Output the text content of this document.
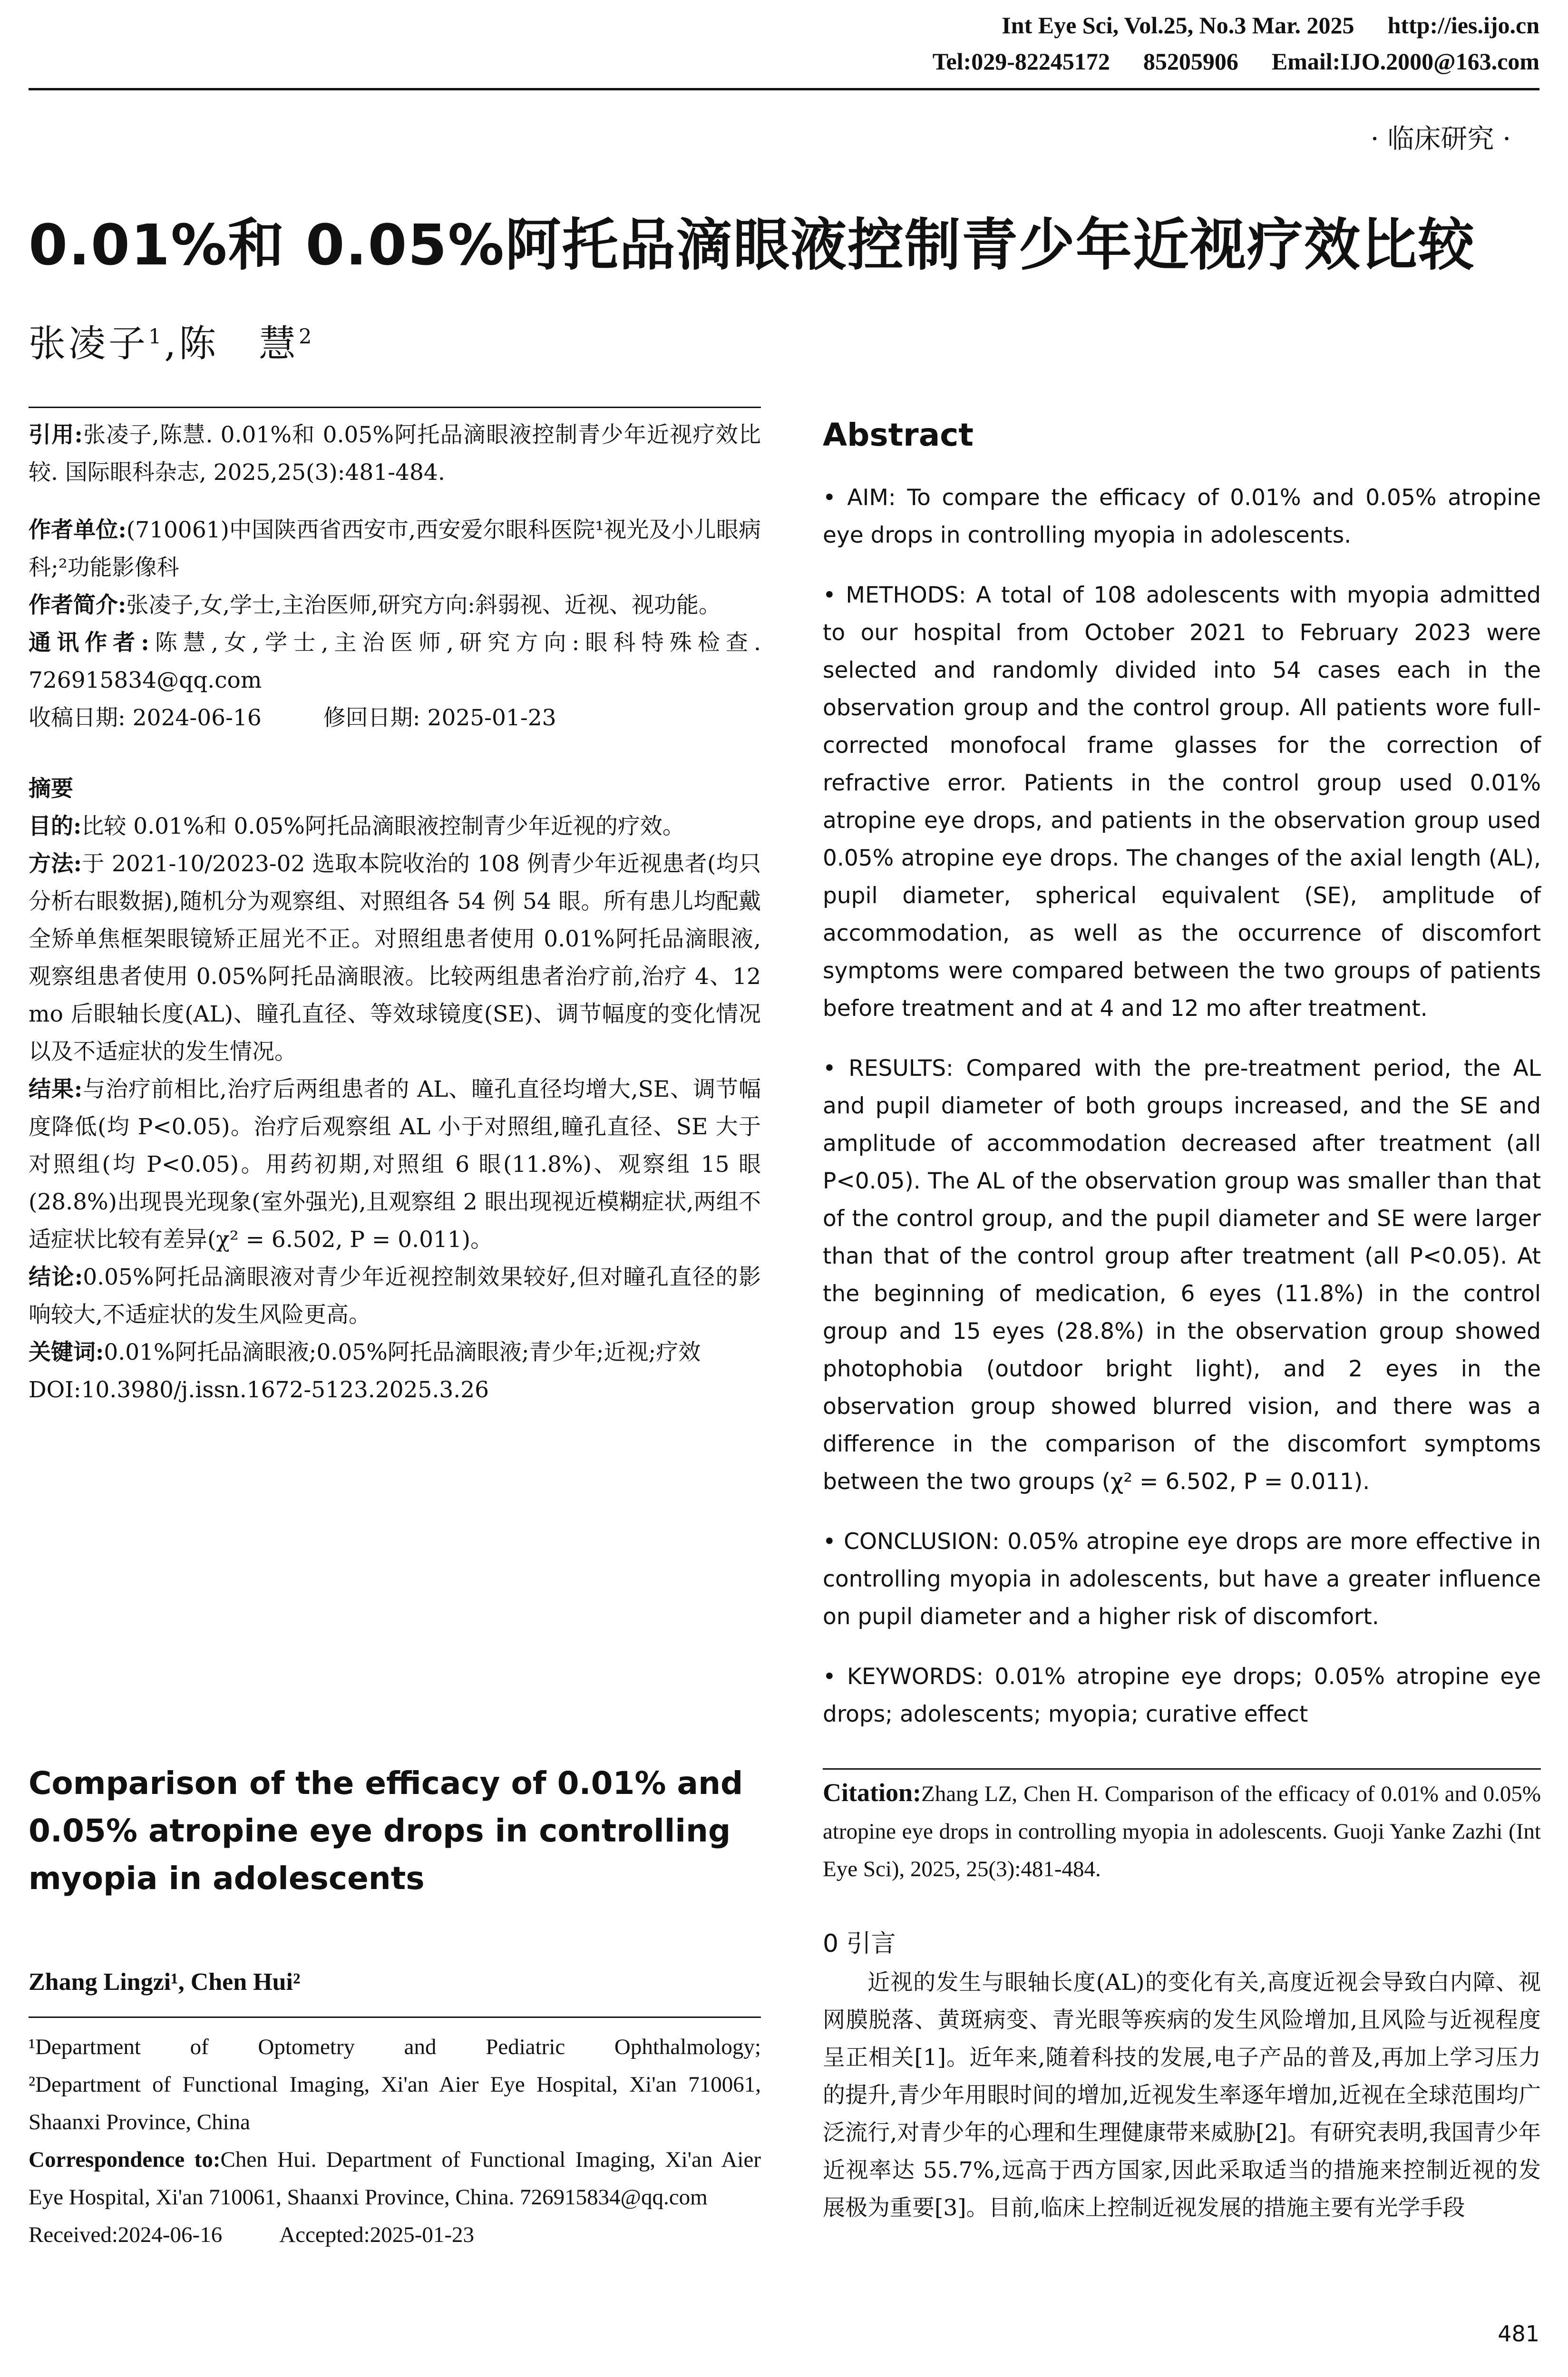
Int Eye Sci, Vol.25, No.3 Mar. 2025 http://ies.ijo.cn
Tel:029-82245172 85205906 Email:IJO.2000@163.com
· 临床研究 ·
0.01%和 0.05%阿托品滴眼液控制青少年近视疗效比较
张凌子$^1$,陈　慧$^2$

引用:张凌子,陈慧. 0.01%和 0.05%阿托品滴眼液控制青少年近视疗效比较. 国际眼科杂志, 2025,25(3):481-484.

作者单位:(710061)中国陕西省西安市,西安爱尔眼科医院¹视光及小儿眼病科;²功能影像科

作者简介:张凌子,女,学士,主治医师,研究方向:斜弱视、近视、视功能。

通讯作者:陈慧,女,学士,主治医师,研究方向:眼科特殊检查. 726915834@qq.com

收稿日期: 2024-06-16	修回日期: 2025-01-23

摘要

目的:比较 0.01%和 0.05%阿托品滴眼液控制青少年近视的疗效。

方法:于 2021-10/2023-02 选取本院收治的 108 例青少年近视患者(均只分析右眼数据),随机分为观察组、对照组各 54 例 54 眼。所有患儿均配戴全矫单焦框架眼镜矫正屈光不正。对照组患者使用 0.01%阿托品滴眼液,观察组患者使用 0.05%阿托品滴眼液。比较两组患者治疗前,治疗 4、12 mo 后眼轴长度(AL)、瞳孔直径、等效球镜度(SE)、调节幅度的变化情况以及不适症状的发生情况。

结果:与治疗前相比,治疗后两组患者的 AL、瞳孔直径均增大,SE、调节幅度降低(均 P<0.05)。治疗后观察组 AL 小于对照组,瞳孔直径、SE 大于对照组(均 P<0.05)。用药初期,对照组 6 眼(11.8%)、观察组 15 眼(28.8%)出现畏光现象(室外强光),且观察组 2 眼出现视近模糊症状,两组不适症状比较有差异(χ² = 6.502, P = 0.011)。

结论:0.05%阿托品滴眼液对青少年近视控制效果较好,但对瞳孔直径的影响较大,不适症状的发生风险更高。

关键词:0.01%阿托品滴眼液;0.05%阿托品滴眼液;青少年;近视;疗效

DOI:10.3980/j.issn.1672-5123.2025.3.26

Comparison of the efficacy of 0.01% and 0.05% atropine eye drops in controlling myopia in adolescents
Zhang Lingzi¹, Chen Hui²

¹Department of Optometry and Pediatric Ophthalmology;

²Department of Functional Imaging, Xi'an Aier Eye Hospital, Xi'an 710061, Shaanxi Province, China

Correspondence to:Chen Hui. Department of Functional Imaging, Xi'an Aier Eye Hospital, Xi'an 710061, Shaanxi Province, China. 726915834@qq.com

Received:2024-06-16	Accepted:2025-01-23

Abstract

• AIM: To compare the efficacy of 0.01% and 0.05% atropine eye drops in controlling myopia in adolescents.

• METHODS: A total of 108 adolescents with myopia admitted to our hospital from October 2021 to February 2023 were selected and randomly divided into 54 cases each in the observation group and the control group. All patients wore full-corrected monofocal frame glasses for the correction of refractive error. Patients in the control group used 0.01% atropine eye drops, and patients in the observation group used 0.05% atropine eye drops. The changes of the axial length (AL), pupil diameter, spherical equivalent (SE), amplitude of accommodation, as well as the occurrence of discomfort symptoms were compared between the two groups of patients before treatment and at 4 and 12 mo after treatment.

• RESULTS: Compared with the pre-treatment period, the AL and pupil diameter of both groups increased, and the SE and amplitude of accommodation decreased after treatment (all P<0.05). The AL of the observation group was smaller than that of the control group, and the pupil diameter and SE were larger than that of the control group after treatment (all P<0.05). At the beginning of medication, 6 eyes (11.8%) in the control group and 15 eyes (28.8%) in the observation group showed photophobia (outdoor bright light), and 2 eyes in the observation group showed blurred vision, and there was a difference in the comparison of the discomfort symptoms between the two groups (χ² = 6.502, P = 0.011).

• CONCLUSION: 0.05% atropine eye drops are more effective in controlling myopia in adolescents, but have a greater influence on pupil diameter and a higher risk of discomfort.

• KEYWORDS: 0.01% atropine eye drops; 0.05% atropine eye drops; adolescents; myopia; curative effect

Citation:Zhang LZ, Chen H. Comparison of the efficacy of 0.01% and 0.05% atropine eye drops in controlling myopia in adolescents. Guoji Yanke Zazhi (Int Eye Sci), 2025, 25(3):481-484.

0 引言

近视的发生与眼轴长度(AL)的变化有关,高度近视会导致白内障、视网膜脱落、黄斑病变、青光眼等疾病的发生风险增加,且风险与近视程度呈正相关[1]。近年来,随着科技的发展,电子产品的普及,再加上学习压力的提升,青少年用眼时间的增加,近视发生率逐年增加,近视在全球范围均广泛流行,对青少年的心理和生理健康带来威胁[2]。有研究表明,我国青少年近视率达 55.7%,远高于西方国家,因此采取适当的措施来控制近视的发展极为重要[3]。目前,临床上控制近视发展的措施主要有光学手段

481
